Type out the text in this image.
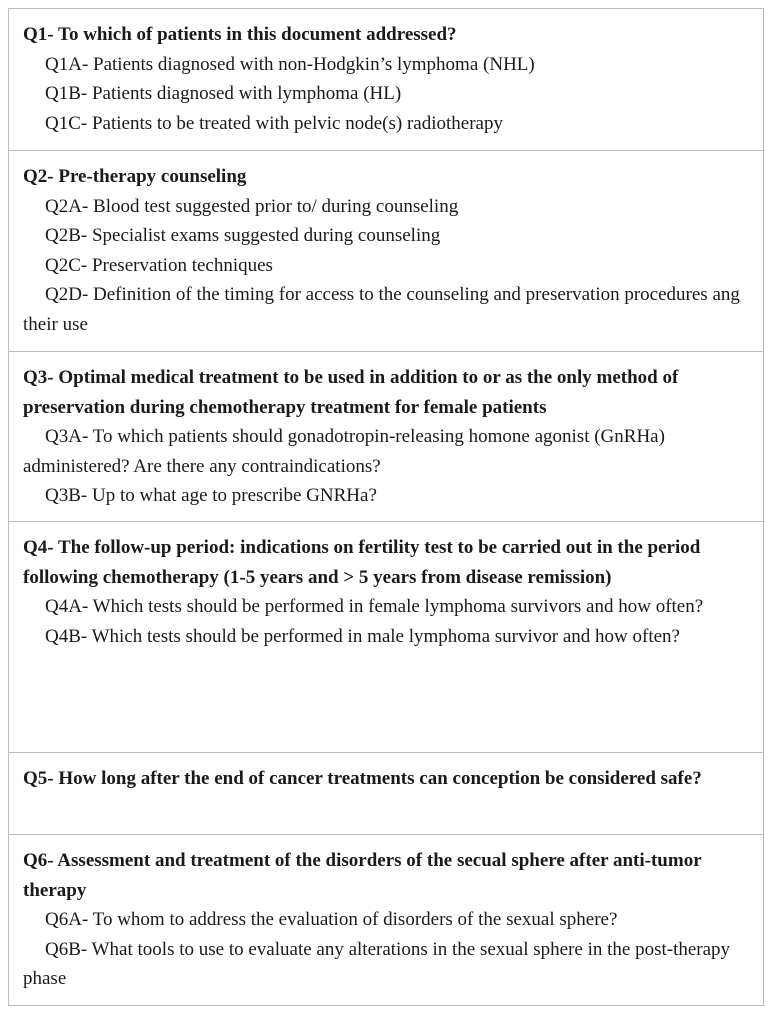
Q1- To which of patients in this document addressed?

Q1A- Patients diagnosed with non-Hodgkin’s lymphoma (NHL)

Q1B- Patients diagnosed with lymphoma (HL)

Q1C- Patients to be treated with pelvic node(s) radiotherapy

Q2- Pre-therapy counseling

Q2A- Blood test suggested prior to/ during counseling

Q2B- Specialist exams suggested during counseling

Q2C- Preservation techniques

Q2D- Definition of the timing for access to the counseling and preservation procedures ang their use

Q3- Optimal medical treatment to be used in addition to or as the only method of preservation during chemotherapy treatment for female patients

Q3A- To which patients should gonadotropin-releasing homone agonist (GnRHa) administered? Are there any contraindications?

Q3B- Up to what age to prescribe GNRHa?

Q4- The follow-up period: indications on fertility test to be carried out in the period following chemotherapy (1-5 years and > 5 years from disease remission)

Q4A- Which tests should be performed in female lymphoma survivors and how often?

Q4B- Which tests should be performed in male lymphoma survivor and how often?

Q5- How long after the end of cancer treatments can conception be considered safe?

Q6- Assessment and treatment of the disorders of the secual sphere after anti-tumor therapy

Q6A- To whom to address the evaluation of disorders of the sexual sphere?

Q6B- What tools to use to evaluate any alterations in the sexual sphere in the post-therapy phase
